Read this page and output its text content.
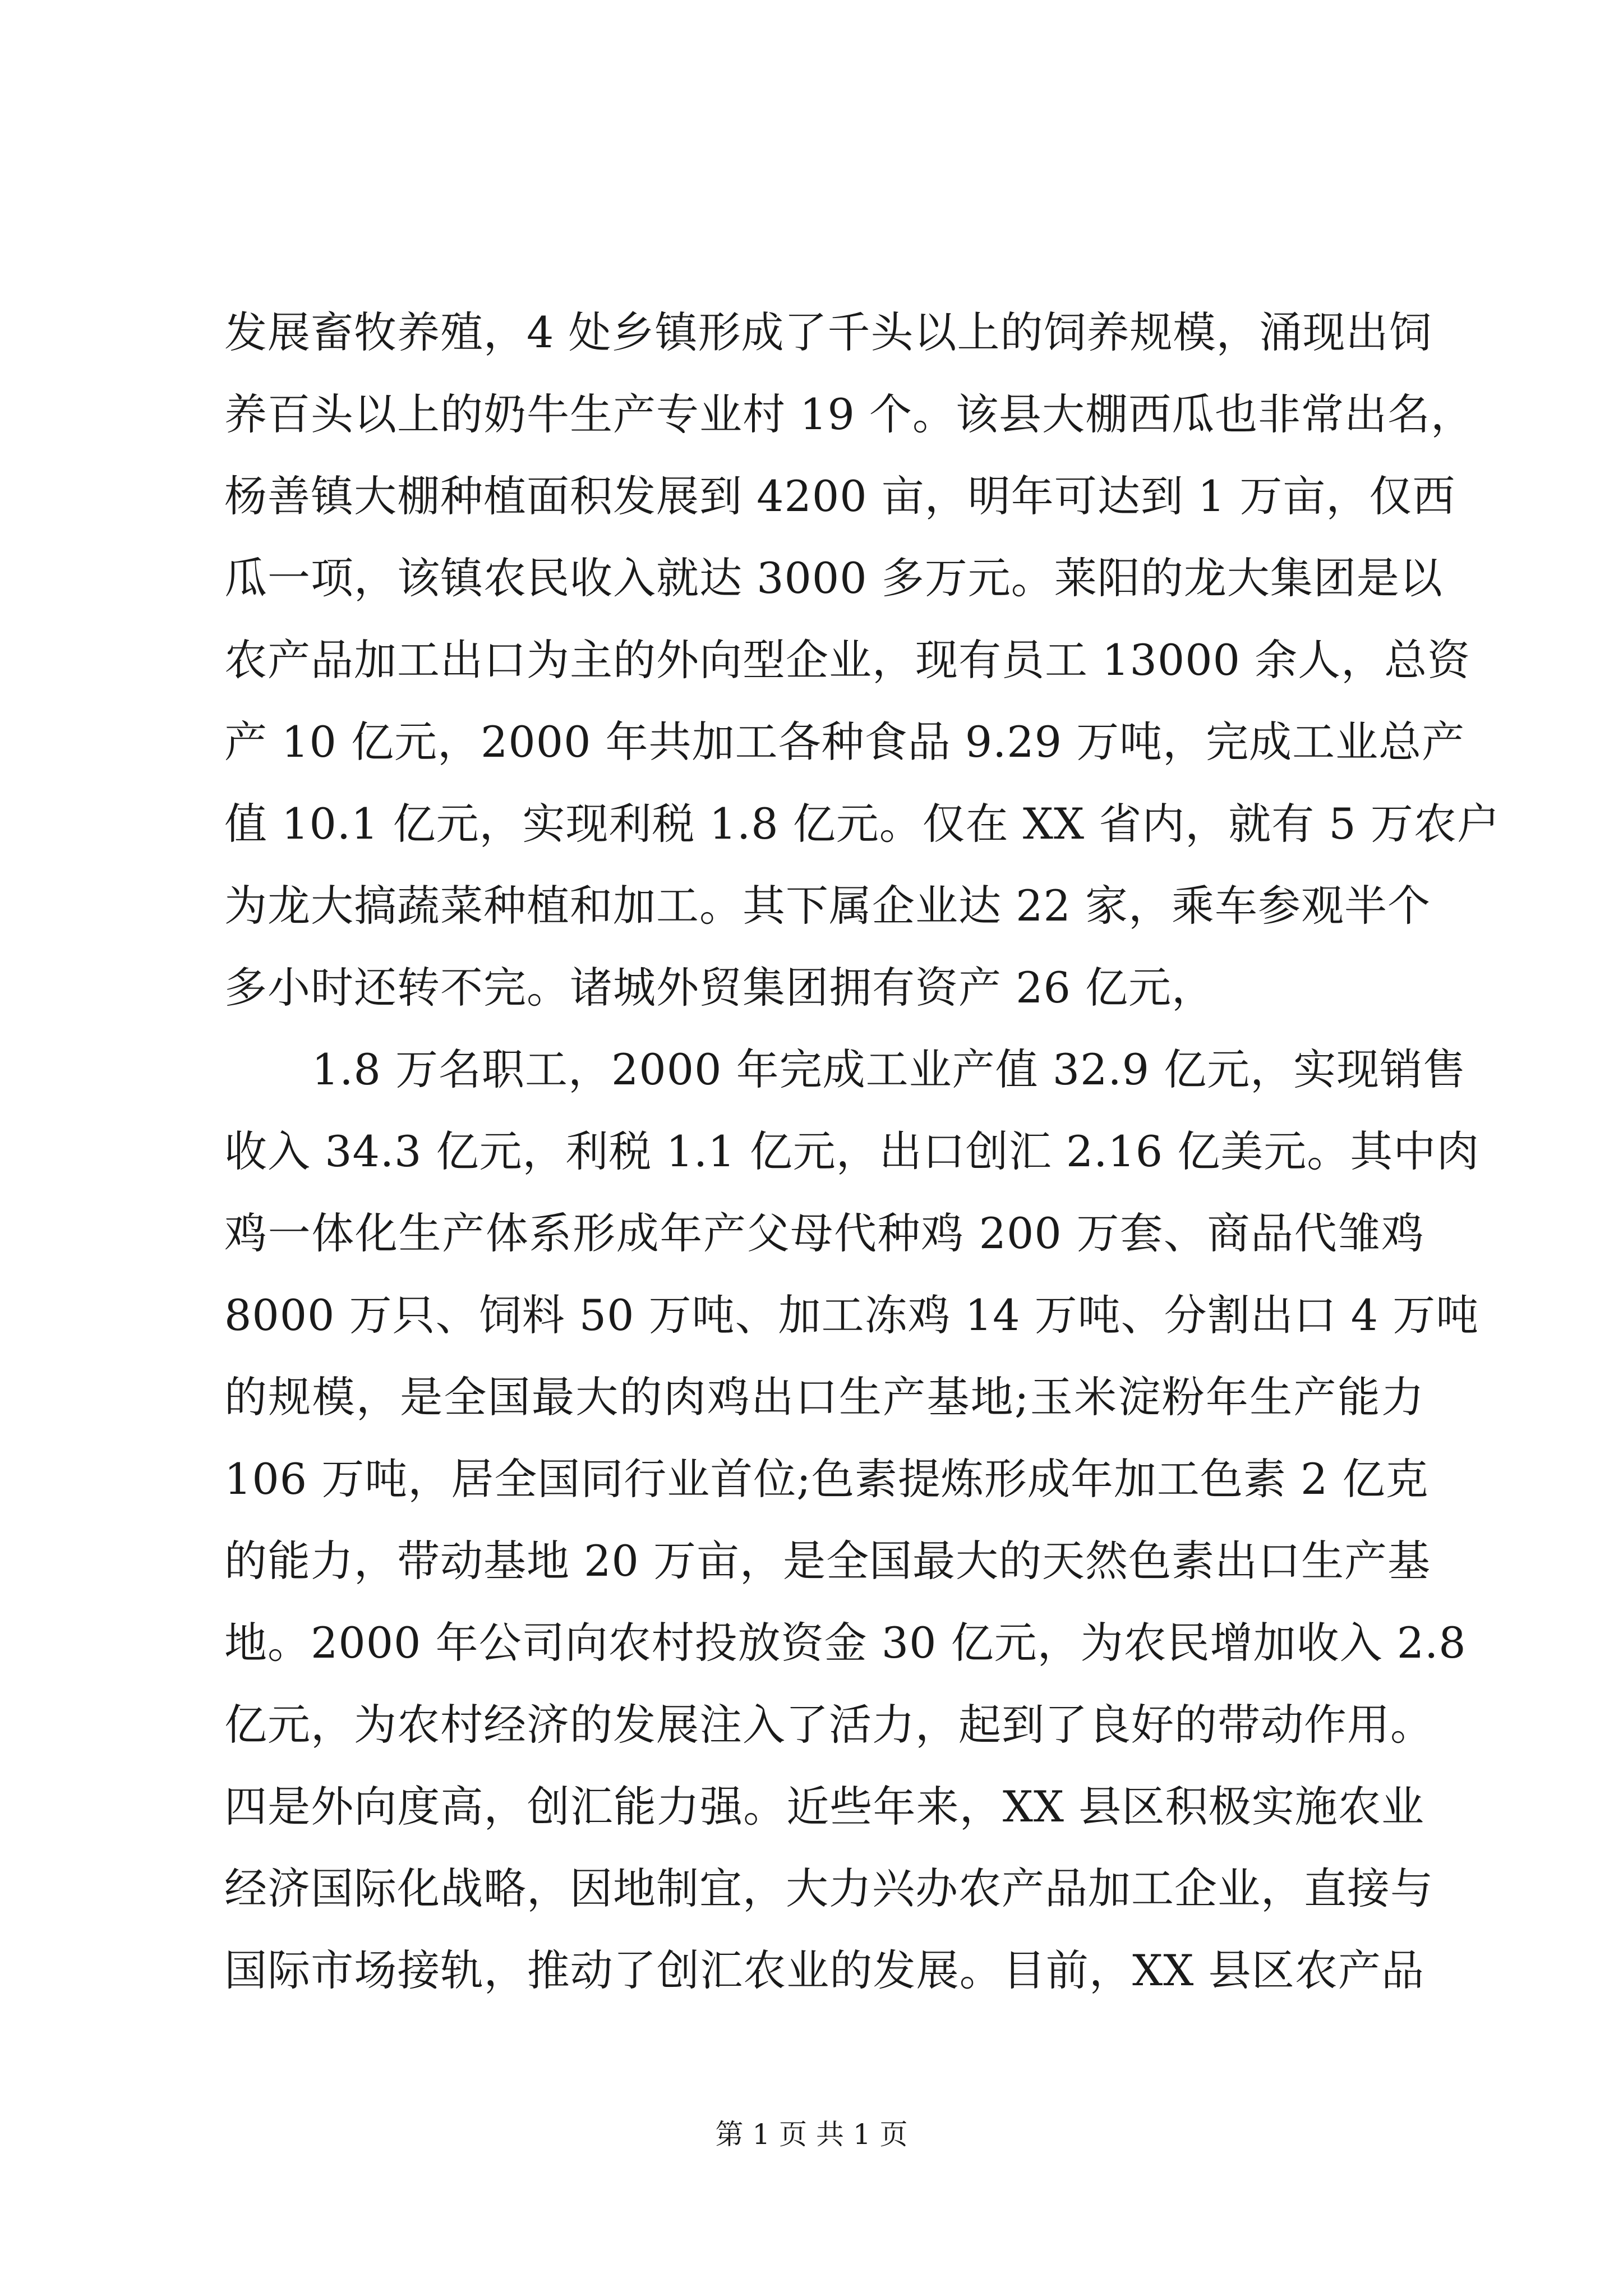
发展畜牧养殖，4 处乡镇形成了千头以上的饲养规模，涌现出饲
养百头以上的奶牛生产专业村 19 个。该县大棚西瓜也非常出名，
杨善镇大棚种植面积发展到 4200 亩，明年可达到 1 万亩，仅西
瓜一项，该镇农民收入就达 3000 多万元。莱阳的龙大集团是以
农产品加工出口为主的外向型企业，现有员工 13000 余人，总资
产 10 亿元，2000 年共加工各种食品 9.29 万吨，完成工业总产
值 10.1 亿元，实现利税 1.8 亿元。仅在 XX 省内，就有 5 万农户
为龙大搞蔬菜种植和加工。其下属企业达 22 家，乘车参观半个
多小时还转不完。诸城外贸集团拥有资产 26 亿元，
1.8 万名职工，2000 年完成工业产值 32.9 亿元，实现销售
收入 34.3 亿元，利税 1.1 亿元，出口创汇 2.16 亿美元。其中肉
鸡一体化生产体系形成年产父母代种鸡 200 万套、商品代雏鸡
8000 万只、饲料 50 万吨、加工冻鸡 14 万吨、分割出口 4 万吨
的规模，是全国最大的肉鸡出口生产基地;玉米淀粉年生产能力
106 万吨，居全国同行业首位;色素提炼形成年加工色素 2 亿克
的能力，带动基地 20 万亩，是全国最大的天然色素出口生产基
地。2000 年公司向农村投放资金 30 亿元，为农民增加收入 2.8
亿元，为农村经济的发展注入了活力，起到了良好的带动作用。
四是外向度高，创汇能力强。近些年来，XX 县区积极实施农业
经济国际化战略，因地制宜，大力兴办农产品加工企业，直接与
国际市场接轨，推动了创汇农业的发展。目前，XX 县区农产品
第 1 页 共 1 页
